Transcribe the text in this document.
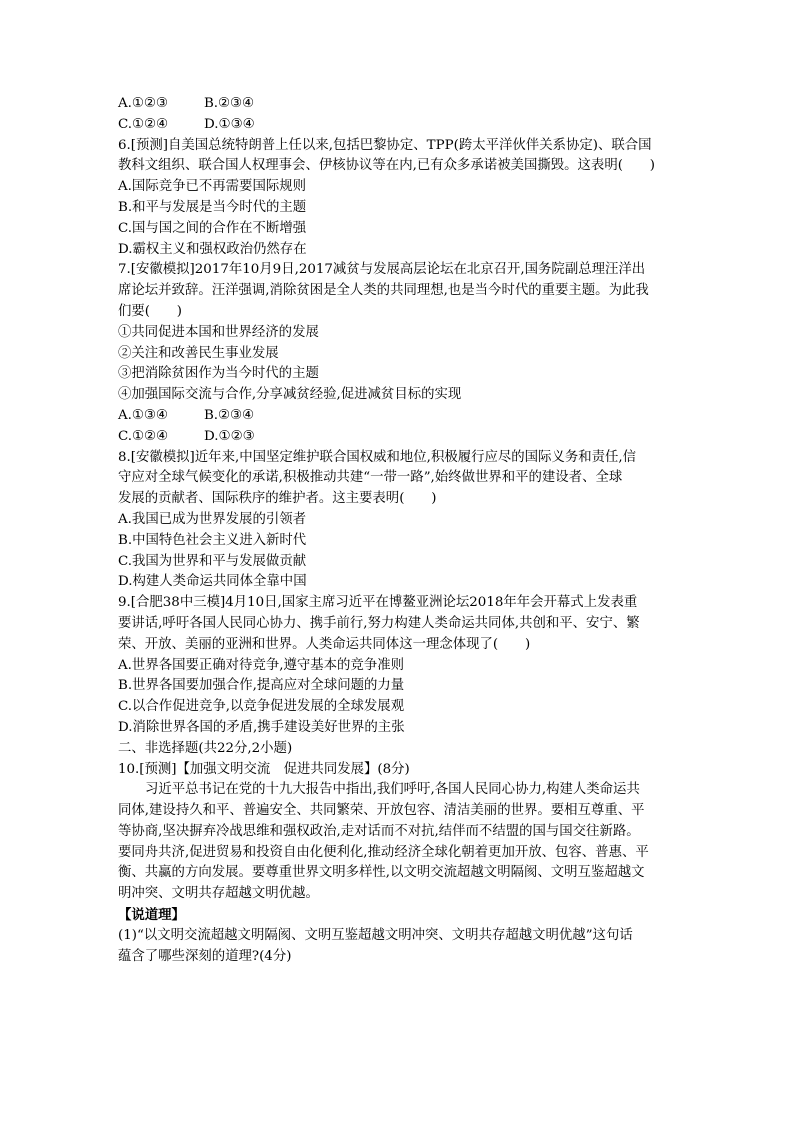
A.①②③	B.②③④
C.①②④	D.①③④
6.[预测]自美国总统特朗普上任以来,包括巴黎协定、TPP(跨太平洋伙伴关系协定)、联合国
教科文组织、联合国人权理事会、伊核协议等在内,已有众多承诺被美国撕毁。这表明(　　)
A.国际竞争已不再需要国际规则
B.和平与发展是当今时代的主题
C.国与国之间的合作在不断增强
D.霸权主义和强权政治仍然存在
7.[安徽模拟]2017年10月9日,2017减贫与发展高层论坛在北京召开,国务院副总理汪洋出
席论坛并致辞。汪洋强调,消除贫困是全人类的共同理想,也是当今时代的重要主题。为此我
们要(　　)
①共同促进本国和世界经济的发展
②关注和改善民生事业发展
③把消除贫困作为当今时代的主题
④加强国际交流与合作,分享减贫经验,促进减贫目标的实现
A.①③④	B.②③④
C.①②④	D.①②③
8.[安徽模拟]近年来,中国坚定维护联合国权威和地位,积极履行应尽的国际义务和责任,信
守应对全球气候变化的承诺,积极推动共建“一带一路”,始终做世界和平的建设者、全球
发展的贡献者、国际秩序的维护者。这主要表明(　　)
A.我国已成为世界发展的引领者
B.中国特色社会主义进入新时代
C.我国为世界和平与发展做贡献
D.构建人类命运共同体全靠中国
9.[合肥38中三模]4月10日,国家主席习近平在博鳌亚洲论坛2018年年会开幕式上发表重
要讲话,呼吁各国人民同心协力、携手前行,努力构建人类命运共同体,共创和平、安宁、繁
荣、开放、美丽的亚洲和世界。人类命运共同体这一理念体现了(　　)
A.世界各国要正确对待竞争,遵守基本的竞争准则
B.世界各国要加强合作,提高应对全球问题的力量
C.以合作促进竞争,以竞争促进发展的全球发展观
D.消除世界各国的矛盾,携手建设美好世界的主张
二、非选择题(共22分,2小题)
10.[预测]【加强文明交流　促进共同发展】(8分)
习近平总书记在党的十九大报告中指出,我们呼吁,各国人民同心协力,构建人类命运共
同体,建设持久和平、普遍安全、共同繁荣、开放包容、清洁美丽的世界。要相互尊重、平
等协商,坚决摒弃冷战思维和强权政治,走对话而不对抗,结伴而不结盟的国与国交往新路。
要同舟共济,促进贸易和投资自由化便利化,推动经济全球化朝着更加开放、包容、普惠、平
衡、共赢的方向发展。要尊重世界文明多样性,以文明交流超越文明隔阂、文明互鉴超越文
明冲突、文明共存超越文明优越。
【说道理】
(1)“以文明交流超越文明隔阂、文明互鉴超越文明冲突、文明共存超越文明优越”这句话
蕴含了哪些深刻的道理?(4分)
